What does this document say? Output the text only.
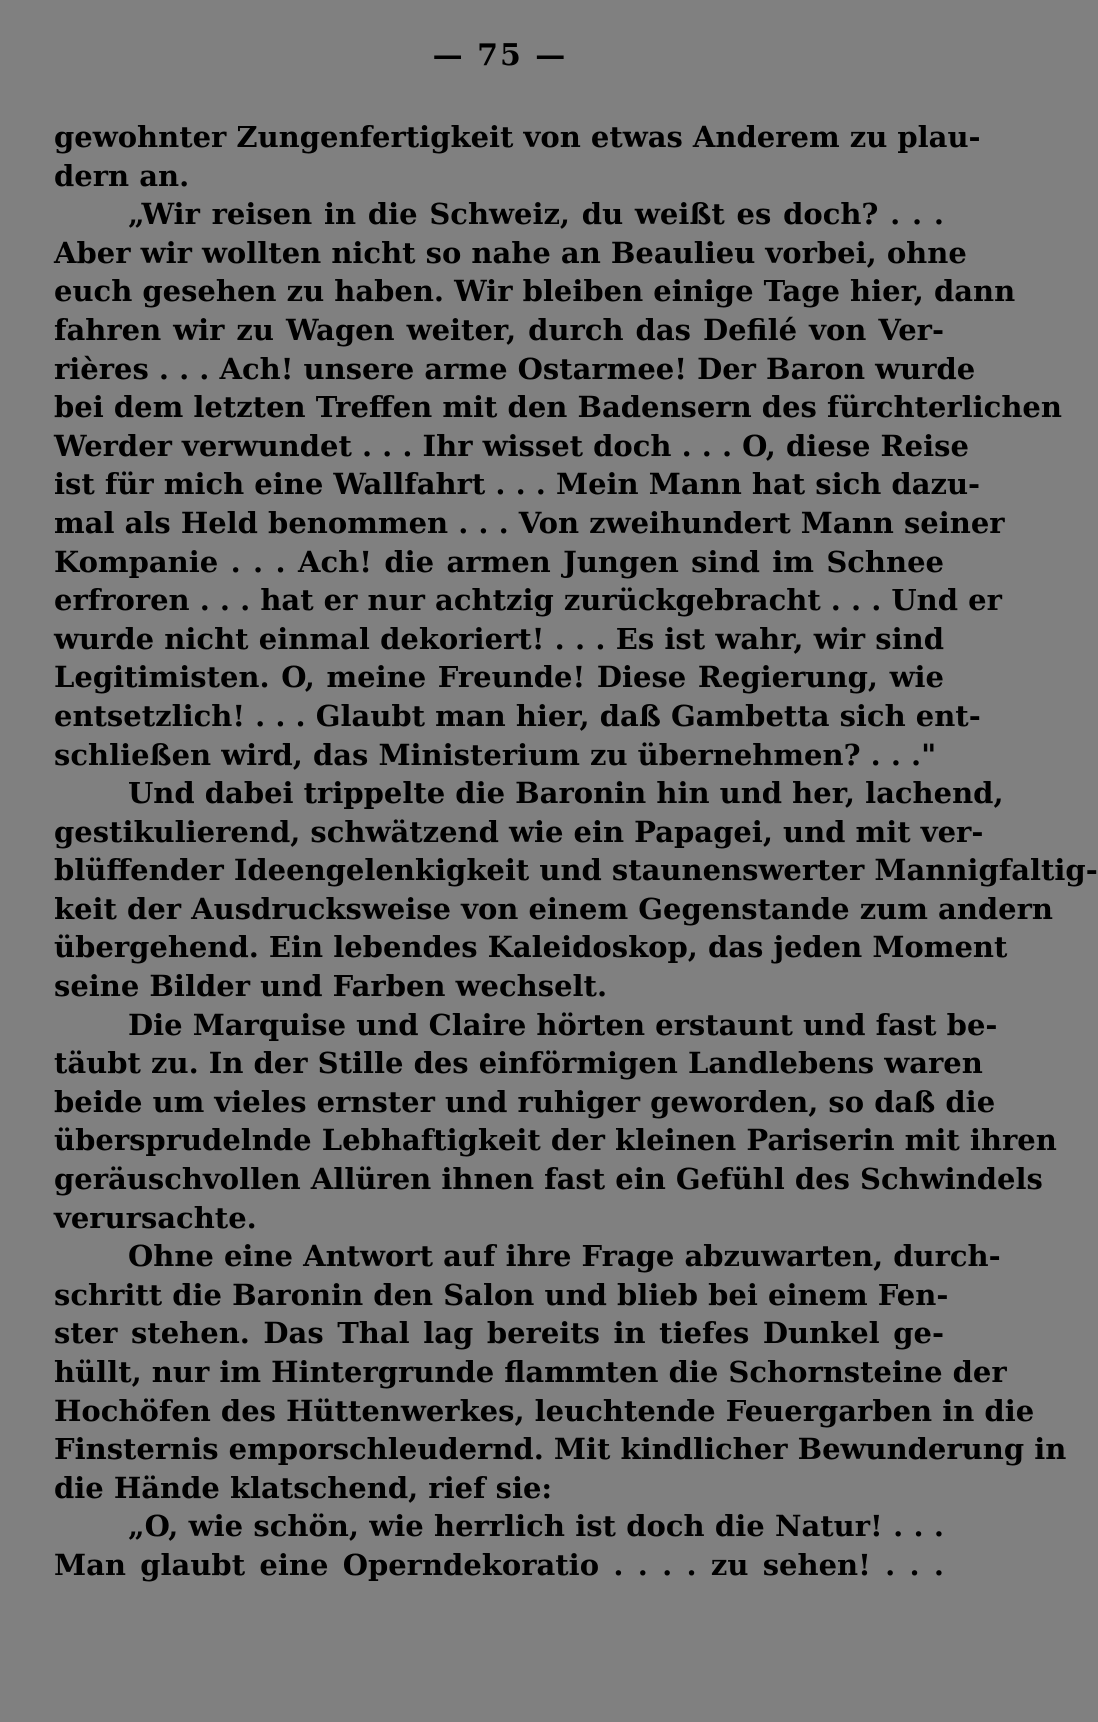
— 75 —
gewohnter Zungenfertigkeit von etwas Anderem zu plau-
dern an.
„Wir reisen in die Schweiz, du weißt es doch? . . .
Aber wir wollten nicht so nahe an Beaulieu vorbei, ohne
euch gesehen zu haben. Wir bleiben einige Tage hier, dann
fahren wir zu Wagen weiter, durch das Defilé von Ver-
rières . . . Ach! unsere arme Ostarmee! Der Baron wurde
bei dem letzten Treffen mit den Badensern des fürchterlichen
Werder verwundet . . . Ihr wisset doch . . . O, diese Reise
ist für mich eine Wallfahrt . . . Mein Mann hat sich dazu-
mal als Held benommen . . . Von zweihundert Mann seiner
Kompanie . . . Ach! die armen Jungen sind im Schnee
erfroren . . . hat er nur achtzig zurückgebracht . . . Und er
wurde nicht einmal dekoriert! . . . Es ist wahr, wir sind
Legitimisten. O, meine Freunde! Diese Regierung, wie
entsetzlich! . . . Glaubt man hier, daß Gambetta sich ent-
schließen wird, das Ministerium zu übernehmen? . . ."
Und dabei trippelte die Baronin hin und her, lachend,
gestikulierend, schwätzend wie ein Papagei, und mit ver-
blüffender Ideengelenkigkeit und staunenswerter Mannigfaltig-
keit der Ausdrucksweise von einem Gegenstande zum andern
übergehend. Ein lebendes Kaleidoskop, das jeden Moment
seine Bilder und Farben wechselt.
Die Marquise und Claire hörten erstaunt und fast be-
täubt zu. In der Stille des einförmigen Landlebens waren
beide um vieles ernster und ruhiger geworden, so daß die
übersprudelnde Lebhaftigkeit der kleinen Pariserin mit ihren
geräuschvollen Allüren ihnen fast ein Gefühl des Schwindels
verursachte.
Ohne eine Antwort auf ihre Frage abzuwarten, durch-
schritt die Baronin den Salon und blieb bei einem Fen-
ster stehen. Das Thal lag bereits in tiefes Dunkel ge-
hüllt, nur im Hintergrunde flammten die Schornsteine der
Hochöfen des Hüttenwerkes, leuchtende Feuergarben in die
Finsternis emporschleudernd. Mit kindlicher Bewunderung in
die Hände klatschend, rief sie:
„O, wie schön, wie herrlich ist doch die Natur! . . .
Man glaubt eine Operndekoratio . . . . zu sehen! . . .
